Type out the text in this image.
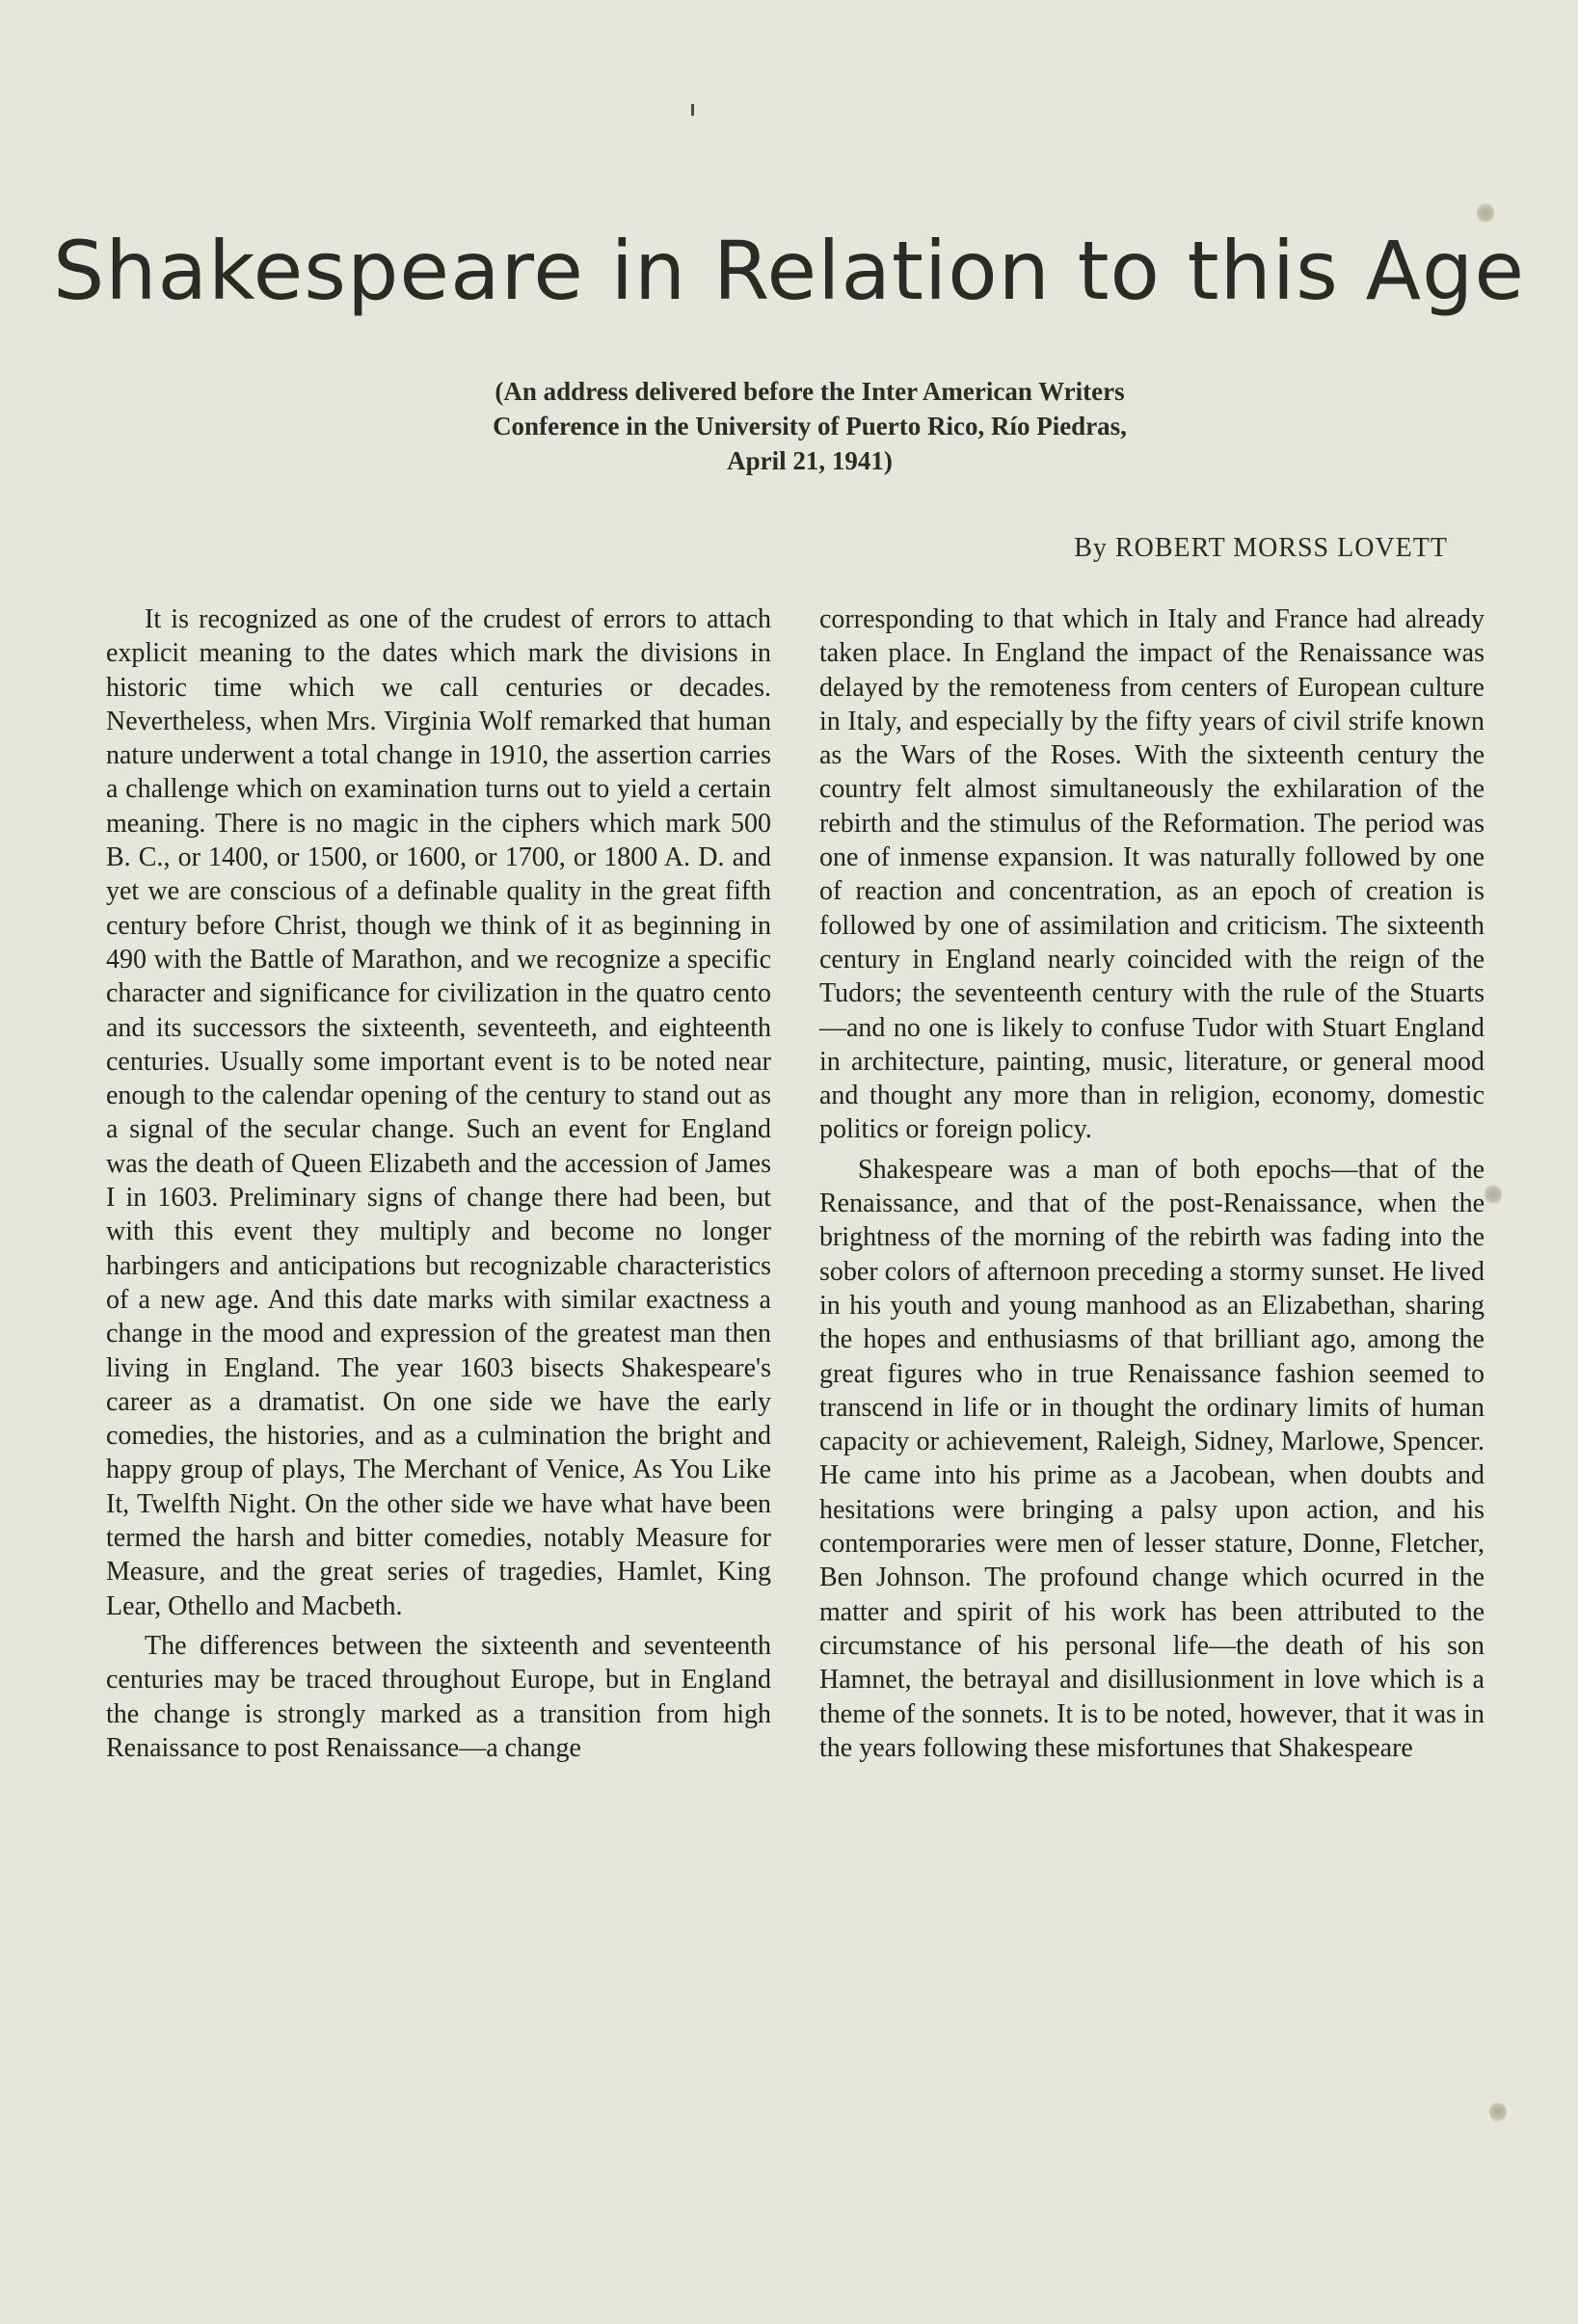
Shakespeare in Relation to this Age

(An address delivered before the Inter American Writers Conference in the University of Puerto Rico, Río Piedras, April 21, 1941)

By ROBERT MORSS LOVETT

It is recognized as one of the crudest of errors to attach explicit meaning to the dates which mark the divisions in historic time which we call centuries or decades. Nevertheless, when Mrs. Virginia Wolf remarked that human nature underwent a total change in 1910, the assertion carries a challenge which on examination turns out to yield a certain meaning. There is no magic in the ciphers which mark 500 B. C., or 1400, or 1500, or 1600, or 1700, or 1800 A. D. and yet we are conscious of a definable quality in the great fifth century before Christ, though we think of it as beginning in 490 with the Battle of Marathon, and we recognize a specific character and significance for civilization in the quatro cento and its successors the sixteenth, seventeeth, and eighteenth centuries. Usually some important event is to be noted near enough to the calendar opening of the century to stand out as a signal of the secular change. Such an event for England was the death of Queen Elizabeth and the accession of James I in 1603. Preliminary signs of change there had been, but with this event they multiply and become no longer harbingers and anticipations but recognizable characteristics of a new age. And this date marks with similar exactness a change in the mood and expression of the greatest man then living in England. The year 1603 bisects Shakespeare's career as a dramatist. On one side we have the early comedies, the histories, and as a culmination the bright and happy group of plays, The Merchant of Venice, As You Like It, Twelfth Night. On the other side we have what have been termed the harsh and bitter comedies, notably Measure for Measure, and the great series of tragedies, Hamlet, King Lear, Othello and Macbeth.

The differences between the sixteenth and seventeenth centuries may be traced throughout Europe, but in England the change is strongly marked as a transition from high Renaissance to post Renaissance—a change

corresponding to that which in Italy and France had already taken place. In England the impact of the Renaissance was delayed by the remoteness from centers of European culture in Italy, and especially by the fifty years of civil strife known as the Wars of the Roses. With the sixteenth century the country felt almost simultaneously the exhilaration of the rebirth and the stimulus of the Reformation. The period was one of inmense expansion. It was naturally followed by one of reaction and concentration, as an epoch of creation is followed by one of assimilation and criticism. The sixteenth century in England nearly coincided with the reign of the Tudors; the seventeenth century with the rule of the Stuarts—and no one is likely to confuse Tudor with Stuart England in architecture, painting, music, literature, or general mood and thought any more than in religion, economy, domestic politics or foreign policy.

Shakespeare was a man of both epochs—that of the Renaissance, and that of the post-Renaissance, when the brightness of the morning of the rebirth was fading into the sober colors of afternoon preceding a stormy sunset. He lived in his youth and young manhood as an Elizabethan, sharing the hopes and enthusiasms of that brilliant ago, among the great figures who in true Renaissance fashion seemed to transcend in life or in thought the ordinary limits of human capacity or achievement, Raleigh, Sidney, Marlowe, Spencer. He came into his prime as a Jacobean, when doubts and hesitations were bringing a palsy upon action, and his contemporaries were men of lesser stature, Donne, Fletcher, Ben Johnson. The profound change which ocurred in the matter and spirit of his work has been attributed to the circumstance of his personal life—the death of his son Hamnet, the betrayal and disillusionment in love which is a theme of the sonnets. It is to be noted, however, that it was in the years following these misfortunes that Shakespeare
